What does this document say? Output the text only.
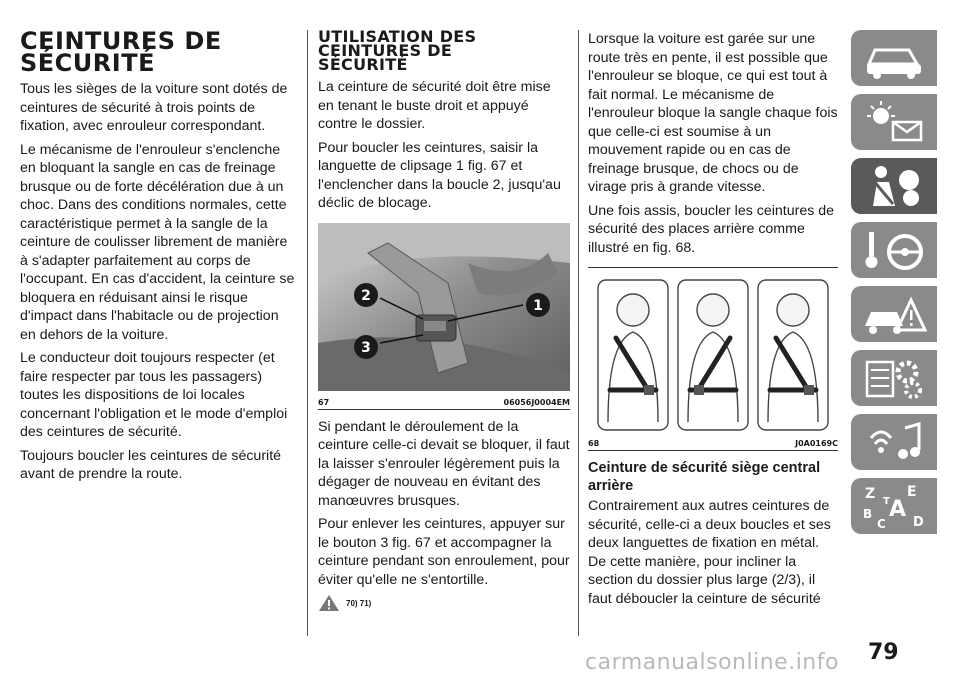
CEINTURES DE
SÉCURITÉ

Tous les sièges de la voiture sont dotés de ceintures de sécurité à trois points de fixation, avec enrouleur correspondant.

Le mécanisme de l'enrouleur s'enclenche en bloquant la sangle en cas de freinage brusque ou de forte décélération due à un choc. Dans des conditions normales, cette caractéristique permet à la sangle de la ceinture de coulisser librement de manière à s'adapter parfaitement au corps de l'occupant. En cas d'accident, la ceinture se bloquera en réduisant ainsi le risque d'impact dans l'habitacle ou de projection en dehors de la voiture.

Le conducteur doit toujours respecter (et faire respecter par tous les passagers) toutes les dispositions de loi locales concernant l'obligation et le mode d'emploi des ceintures de sécurité.

Toujours boucler les ceintures de sécurité avant de prendre la route.

UTILISATION DES
CEINTURES DE
SÉCURITÉ

La ceinture de sécurité doit être mise en tenant le buste droit et appuyé contre le dossier.

Pour boucler les ceintures, saisir la languette de clipsage 1 fig. 67 et l'enclencher dans la boucle 2, jusqu'au déclic de blocage.

1
2
3
67	06056J0004EM

Si pendant le déroulement de la ceinture celle-ci devait se bloquer, il faut la laisser s'enrouler légèrement puis la dégager de nouveau en évitant des manœuvres brusques.

Pour enlever les ceintures, appuyer sur le bouton 3 fig. 67 et accompagner la ceinture pendant son enroulement, pour éviter qu'elle ne s'entortille.

70) 71)

Lorsque la voiture est garée sur une route très en pente, il est possible que l'enrouleur se bloque, ce qui est tout à fait normal. Le mécanisme de l'enrouleur bloque la sangle chaque fois que celle-ci est soumise à un mouvement rapide ou en cas de freinage brusque, de chocs ou de virage pris à grande vitesse.

Une fois assis, boucler les ceintures de sécurité des places arrière comme illustré en fig. 68.

68	J0A0169C
Ceinture de sécurité siège central arrière

Contrairement aux autres ceintures de sécurité, celle-ci a deux boucles et ses deux languettes de fixation en métal. De cette manière, pour incliner la section du dossier plus large (2/3), il faut déboucler la ceinture de sécurité

Z E
B A
C
T
D
carmanualsonline.info 79
